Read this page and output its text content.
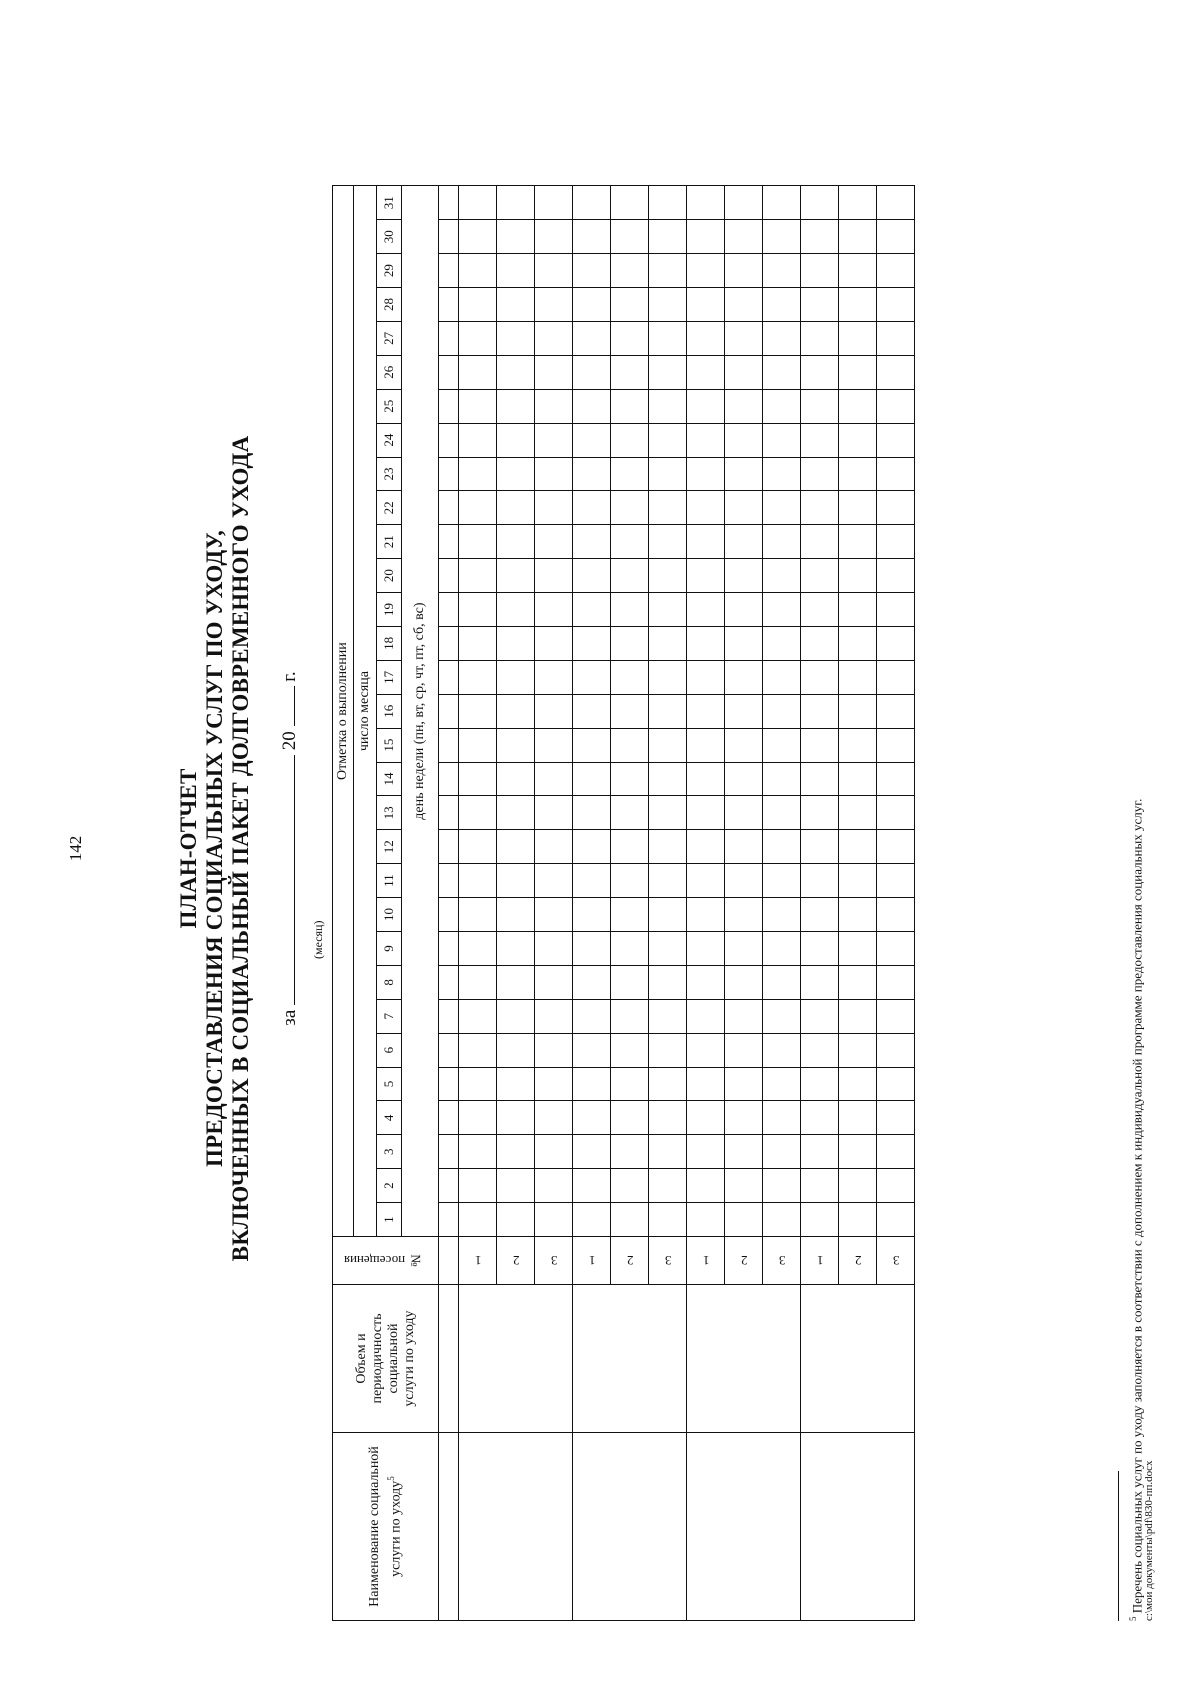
142	ПЛАН-ОТЧЕТ ПРЕДОСТАВЛЕНИЯ СОЦИАЛЬНЫХ УСЛУГ ПО УХОДУ, ВКЛЮЧЕННЫХ В СОЦИАЛЬНЫЙ ПАКЕТ ДОЛГОВРЕМЕННОГО УХОДА за  20  г.
(месяц)
Наименование социальной услуги по уходу$^5$	Объем и периодичность социальной услуги по уходу	№ посещения	Отметка о выполнении																														
			число месяца																														
			1	2	3	4	5	6	7	8	9	10	11	12	13	14	15	16	17	18	19	20	21	22	23	24	25	26	27	28	29	30	31
			день недели (пн, вт, ср, чт, пт, сб, вс)																														

		1																															
		2																															
		3																															
		1																															
		2																															
		3																															
		1																															
		2																															
		3																															
		1																															
		2																															
		3																															
$^5$ Перечень социальных услуг по уходу заполняется в соответствии с дополнением к индивидуальной программе предоставления социальных услуг.
c:\мои документы\pdf\830-пп.docx
